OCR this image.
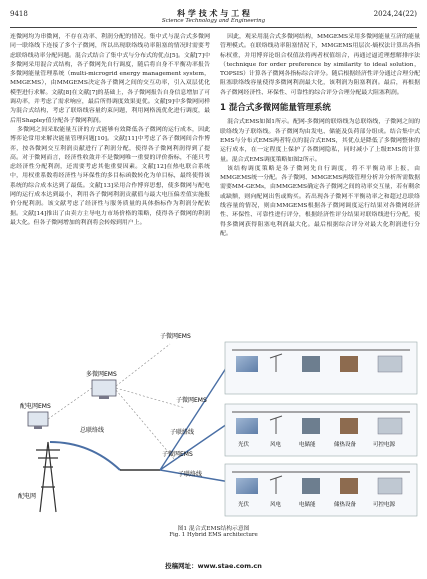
9418	科 学 技 术 与 工 程
Science Technology and Engineering
2024,24(22)

连微网均为串微网，不存在功率、利润分配的情况。集中式与混合式多微网同一联络线下连接了多个子微网，所以出现联络线功率阻塞的情况时需要考虑联络线功率分配问题。混合式结合了集中式与分布式的优点[5]。文献[7]中多微网采用混合式结构，各子微网先自行调度，随后将自身不平衡功率报告多微网能量管理系统（multi-microgrid energy management system，MMGEMS），由MMGEMS决定各子微网之间的交互功率，引入双层优化模型进行求解。文献[8]在文献[7]的基础上，各子微网报告自身信息增加了可调功率，并考虑了需求响应，最后所得调度效果更优。文献[9]中多微网同样为混合式结构，考虑了联络线容量约束问题，利用网格流优化进行调度，最后用Shapley值分配各子微网利润。

多微网之间采取能量互济的方式能够有效降低各子微网的运行成本，因此博弈论常用来解决能量管理问题[10]。文献[11]中考虑了各子微网间合作博弈，按各微网交互利润贡献进行了利润分配，使得各子微网利润得到了提高。对于微网而言，经济性收敛并不是微网唯一重要的评价指标，不能只考虑经济性分配利润，还需要考虑其他重要因素。文献[12]在热电联合系统中，用权重系数将经济性与环保性的多目标函数转化为单目标，最终使得该系统的综合成本达到了最低。文献[13]采用合作博弈思想，使多微网与配电网的运行成本达到最小，利用各子微网利润贡献值与最大电压偏差值实施报价分配利润。该文献考虑了经济性与服务质量的具体指标作为利润分配依据。文献[14]推出了由卖方主导电力市场价格的策略，使得各子微网的利润最大化。但各子微网增加的利润将会转嫁到用户上。

因此，观采用混合式多微网结构，MMGEMS采用多微网能量互济的能量管理模式。在联络线功率阻塞情况下，MMGEMS用层次-熵权法计算出各指标权重，并用博弈论组合权值法将两者权值组合，再通过逼近理想解排序法（technique for order preference by similarity to ideal solution，TOPSIS）计算各子微网各指标综合评分。随后根据经济性评分通过合理分配阻塞联络线容量使得多微网利润最大化，该利润为阻塞利润。最后，再根据各子微网经济性、环保性、可靠性的综合评分合理分配最大阻塞利润。

1 混合式多微网能量管理系统

混合式EMS如图1所示。配网-多微网的联络线为总联络线，子微网之间的联络线为子联络线。各子微网均由发电、储能及负荷部分组成。结合集中式EMS与分布式EMS两者特点的混合式EMS，其优点是降低了多微网整体的运行成本，在一定程度上保护了各微网隐私，同时减小了上级EMS的计算量。混合式EMS调度策略如图2所示。

该结构调度策略是各子微网先自行调度，将不平衡功率上报，由MMGEMS统一分配。各子微网、MMGEMS两级管理分析并分析所需数据需要MM-GEMs，由MMGEMS确定各子微网之间的功率交互量，若有剩余或缺额，则向配网出售或购买。若出现各子微网不平衡功率之和超过总联络线容量的情况，则由MMGEMS根据各子微网调度运行结果对各微网经济性、环保性、可靠性进行评分，根据经济性评分结果对联络线进行分配，使得多微网获得阻塞电利润最大化。最后根据综合评分对最大化利润进行分配。

配电网
配电网EMS
多微网EMS
总联络线	子联络线
子联络线
子微网EMS
子微网EMS
子微网EMS
光伏	风电	电储能	储热设备	可控电源
光伏	风电	电储能	储热设备	可控电源
图1 混合式EMS结构示意图
Fig. 1 Hybrid EMS architecture
投稿网址：www.stae.com.cn
